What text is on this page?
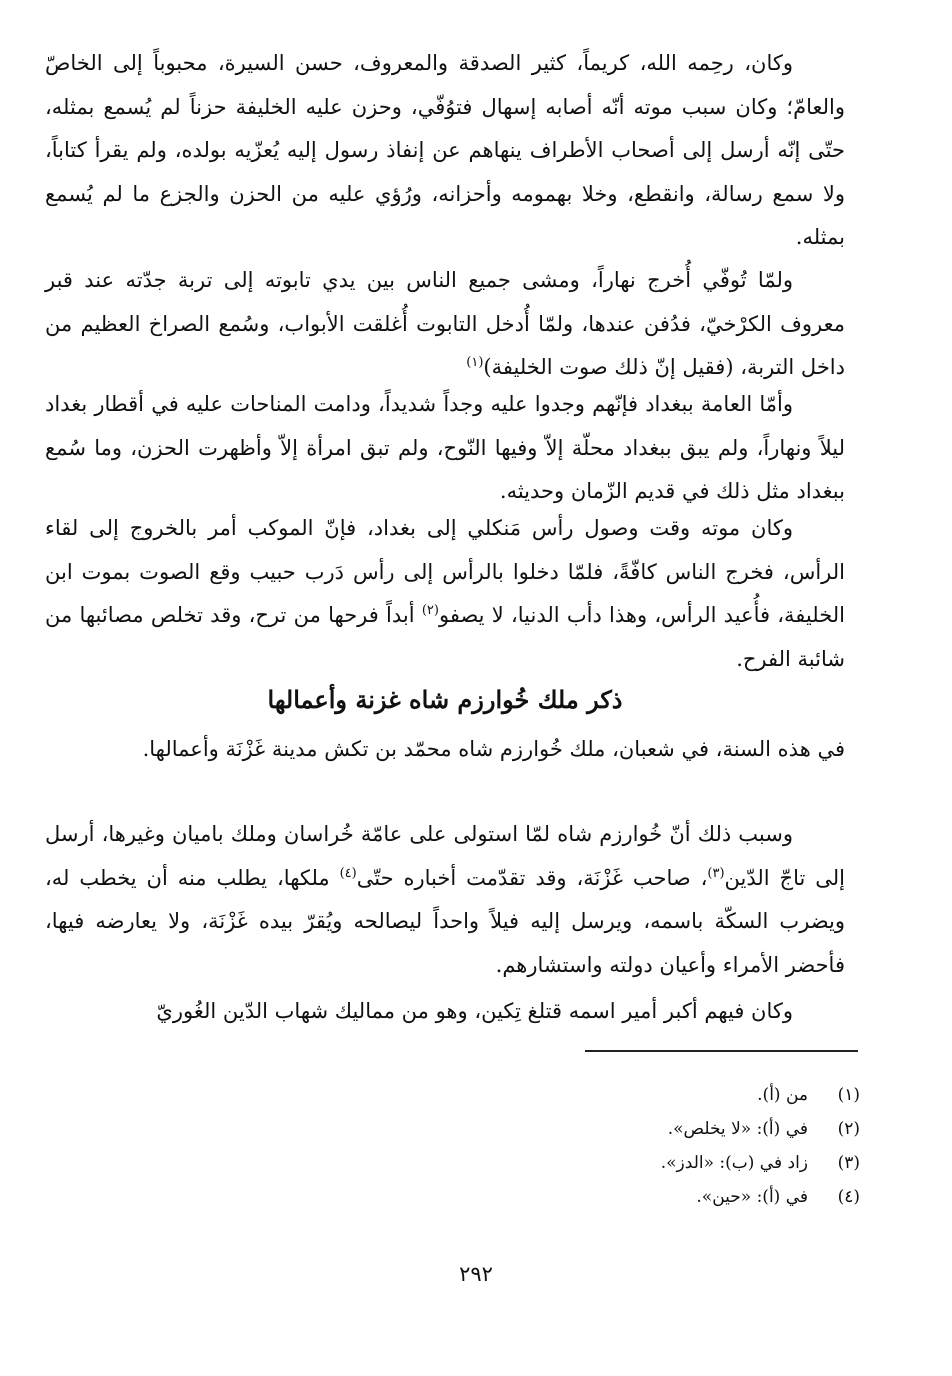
وكان، رحِمه الله، كريماً، كثير الصدقة والمعروف، حسن السيرة، محبوباً إلى الخاصّ والعامّ؛ وكان سبب موته أنّه أصابه إسهال فتوُفّي، وحزن عليه الخليفة حزناً لم يُسمع بمثله، حتّى إنّه أرسل إلى أصحاب الأطراف ينهاهم عن إنفاذ رسول إليه يُعزّيه بولده، ولم يقرأ كتاباً، ولا سمع رسالة، وانقطع، وخلا بهمومه وأحزانه، ورُؤي عليه من الحزن والجزع ما لم يُسمع بمثله.

ولمّا تُوفّي أُخرج نهاراً، ومشى جميع الناس بين يدي تابوته إلى تربة جدّته عند قبر معروف الكرْخيّ، فدُفن عندها، ولمّا أُدخل التابوت أُغلقت الأبواب، وسُمع الصراخ العظيم من داخل التربة، (فقيل إنّ ذلك صوت الخليفة)$^{(١)}$

وأمّا العامة ببغداد فإنّهم وجدوا عليه وجداً شديداً، ودامت المناحات عليه في أقطار بغداد ليلاً ونهاراً، ولم يبق ببغداد محلّة إلاّ وفيها النّوح، ولم تبق امرأة إلاّ وأظهرت الحزن، وما سُمع ببغداد مثل ذلك في قديم الزّمان وحديثه.

وكان موته وقت وصول رأس مَنكلي إلى بغداد، فإنّ الموكب أمر بالخروج إلى لقاء الرأس، فخرج الناس كافّةً، فلمّا دخلوا بالرأس إلى رأس دَرب حبيب وقع الصوت بموت ابن الخليفة، فأُعيد الرأس، وهذا دأب الدنيا، لا يصفو$^{(٢)}$ أبداً فرحها من ترح، وقد تخلص مصائبها من شائبة الفرح.

ذكر ملك خُوارزم شاه غزنة وأعمالها

في هذه السنة، في شعبان، ملك خُوارزم شاه محمّد بن تكش مدينة غَزْنَة وأعمالها.

وسبب ذلك أنّ خُوارزم شاه لمّا استولى على عامّة خُراسان وملك باميان وغيرها، أرسل إلى تاجّ الدّين$^{(٣)}$، صاحب غَزْنَة، وقد تقدّمت أخباره حتّى$^{(٤)}$ ملكها، يطلب منه أن يخطب له، ويضرب السكّة باسمه، ويرسل إليه فيلاً واحداً ليصالحه ويُقرّ بيده غَزْنَة، ولا يعارضه فيها، فأحضر الأمراء وأعيان دولته واستشارهم.

وكان فيهم أكبر أمير اسمه قتلغ تِكين، وهو من مماليك شهاب الدّين الغُوريّ

(١)
من (أ).
(٢)
في (أ): «لا يخلص».
(٣)
زاد في (ب): «الدز».
(٤)
في (أ): «حين».
٢٩٢
